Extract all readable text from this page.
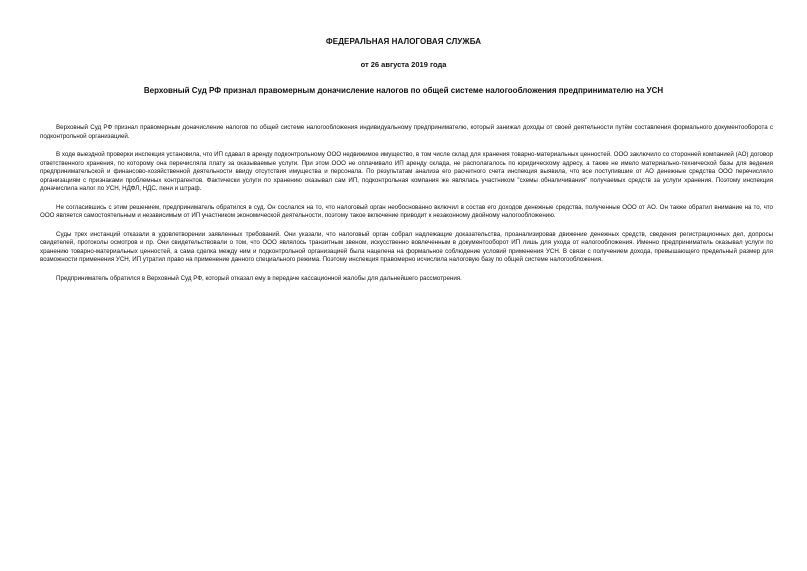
ФЕДЕРАЛЬНАЯ НАЛОГОВАЯ СЛУЖБА
от 26 августа 2019 года
Верховный Суд РФ признал правомерным доначисление налогов по общей системе налогообложения предпринимателю на УСН

Верховный Суд РФ признал правомерным доначисление налогов по общей системе налогообложения индивидуальному предпринимателю, который занижал доходы от своей деятельности путём составления формального документооборота с подконтрольной организацией.

В ходе выездной проверки инспекция установила, что ИП сдавал в аренду подконтрольному ООО недвижимое имущество, в том числе склад для хранения товарно-материальных ценностей. ООО заключило со сторонней компанией (АО) договор ответственного хранения, по которому она перечисляла плату за оказываемые услуги. При этом ООО не оплачивало ИП аренду склада, не располагалось по юридическому адресу, а также не имело материально-технической базы для ведения предпринимательской и финансово-хозяйственной деятельности ввиду отсутствия имущества и персонала. По результатам анализа его расчетного счета инспекция выявила, что все поступившие от АО денежные средства ООО перечисляло организациям с признаками проблемных контрагентов. Фактически услуги по хранению оказывал сам ИП, подконтрольная компания же являлась участником "схемы обналичивания" получаемых средств за услуги хранения. Поэтому инспекция доначислила налог по УСН, НДФЛ, НДС, пени и штраф.

Не согласившись с этим решением, предприниматель обратился в суд. Он сослался на то, что налоговый орган необоснованно включил в состав его доходов денежные средства, полученные ООО от АО. Он также обратил внимание на то, что ООО является самостоятельным и независимым от ИП участником экономической деятельности, поэтому такое включение приводит к незаконному двойному налогообложению.

Суды трех инстанций отказали в удовлетворении заявленных требований. Они указали, что налоговый орган собрал надлежащие доказательства, проанализировав движение денежных средств, сведения регистрационных дел, допросы свидетелей, протоколы осмотров и пр. Они свидетельствовали о том, что ООО являлось транзитным звеном, искусственно вовлеченным в документооборот ИП лишь для ухода от налогообложения. Именно предприниматель оказывал услуги по хранению товарно-материальных ценностей, а сама сделка между ним и подконтрольной организацией была нацелена на формальное соблюдение условий применения УСН. В связи с получением дохода, превышающего предельный размер для возможности применения УСН, ИП утратил право на применение данного специального режима. Поэтому инспекция правомерно исчислила налоговую базу по общей системе налогообложения.

Предприниматель обратился в Верховный Суд РФ, который отказал ему в передаче кассационной жалобы для дальнейшего рассмотрения.
